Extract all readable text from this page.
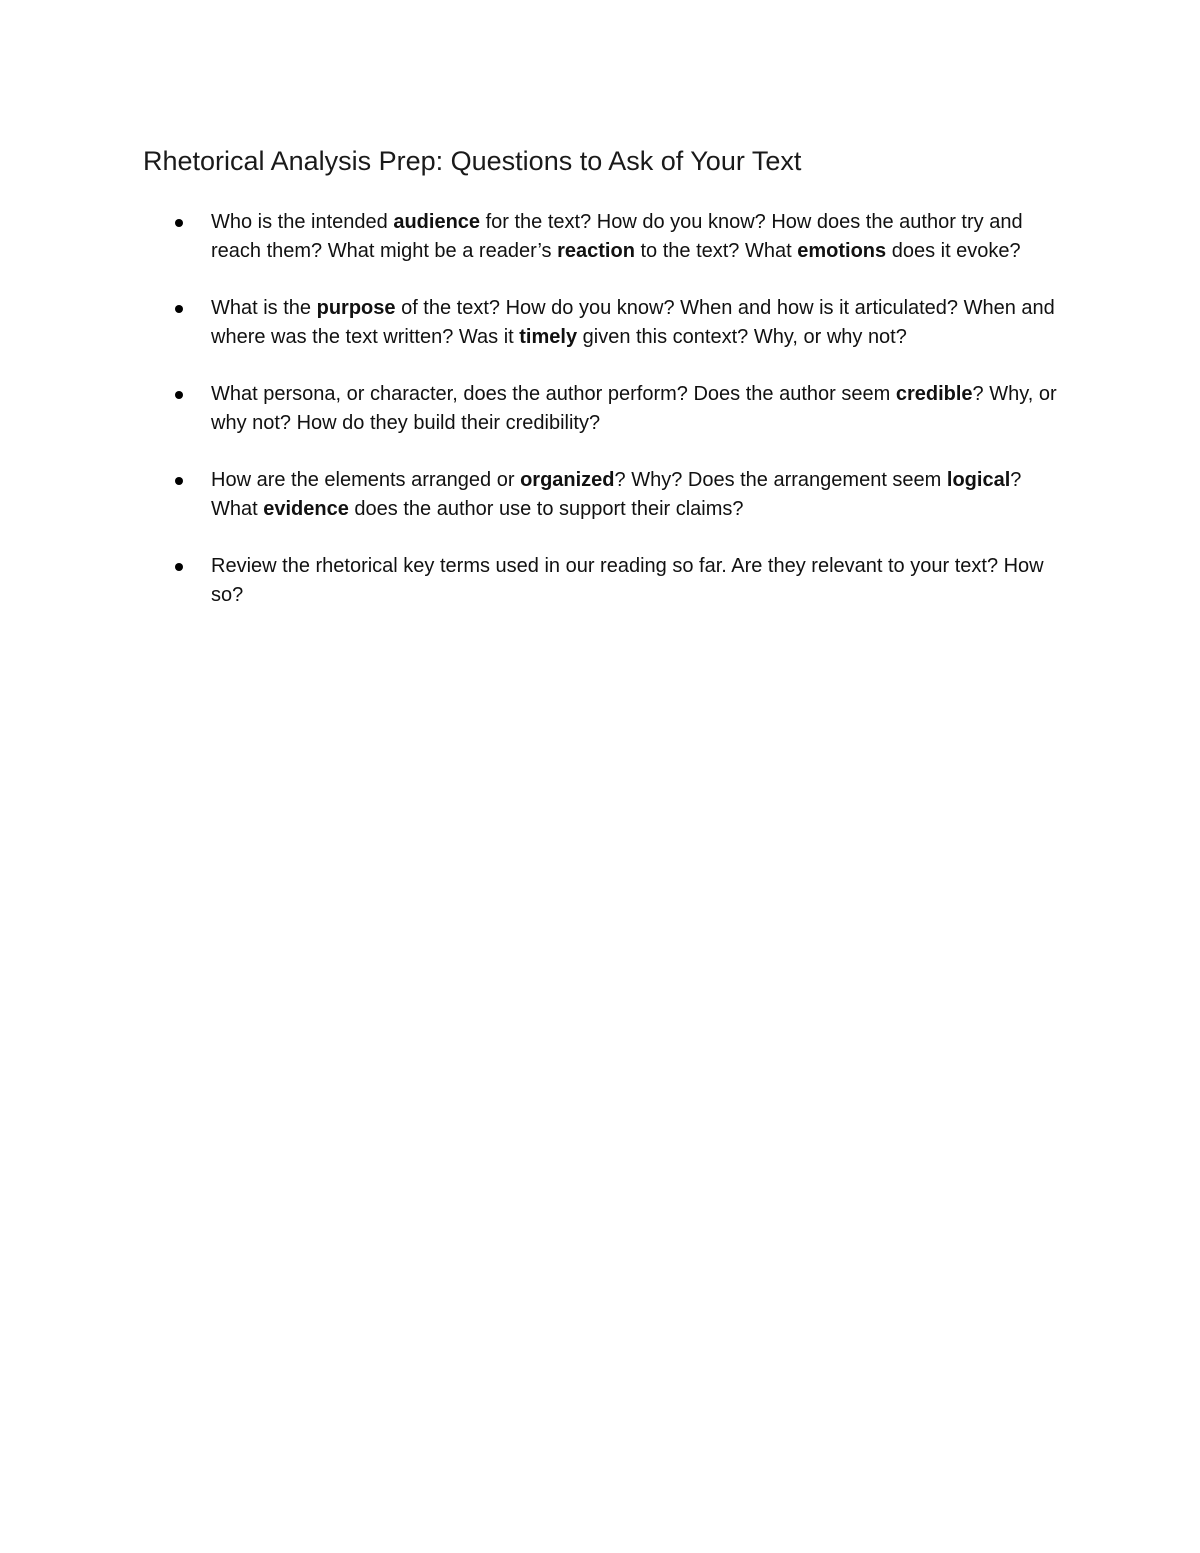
Rhetorical Analysis Prep: Questions to Ask of Your Text
Who is the intended audience for the text? How do you know? How does the author try and reach them? What might be a reader’s reaction to the text? What emotions does it evoke?
What is the purpose of the text? How do you know? When and how is it articulated? When and where was the text written? Was it timely given this context? Why, or why not?
What persona, or character, does the author perform? Does the author seem credible? Why, or why not? How do they build their credibility?
How are the elements arranged or organized? Why? Does the arrangement seem logical? What evidence does the author use to support their claims?
Review the rhetorical key terms used in our reading so far. Are they relevant to your text? How so?
